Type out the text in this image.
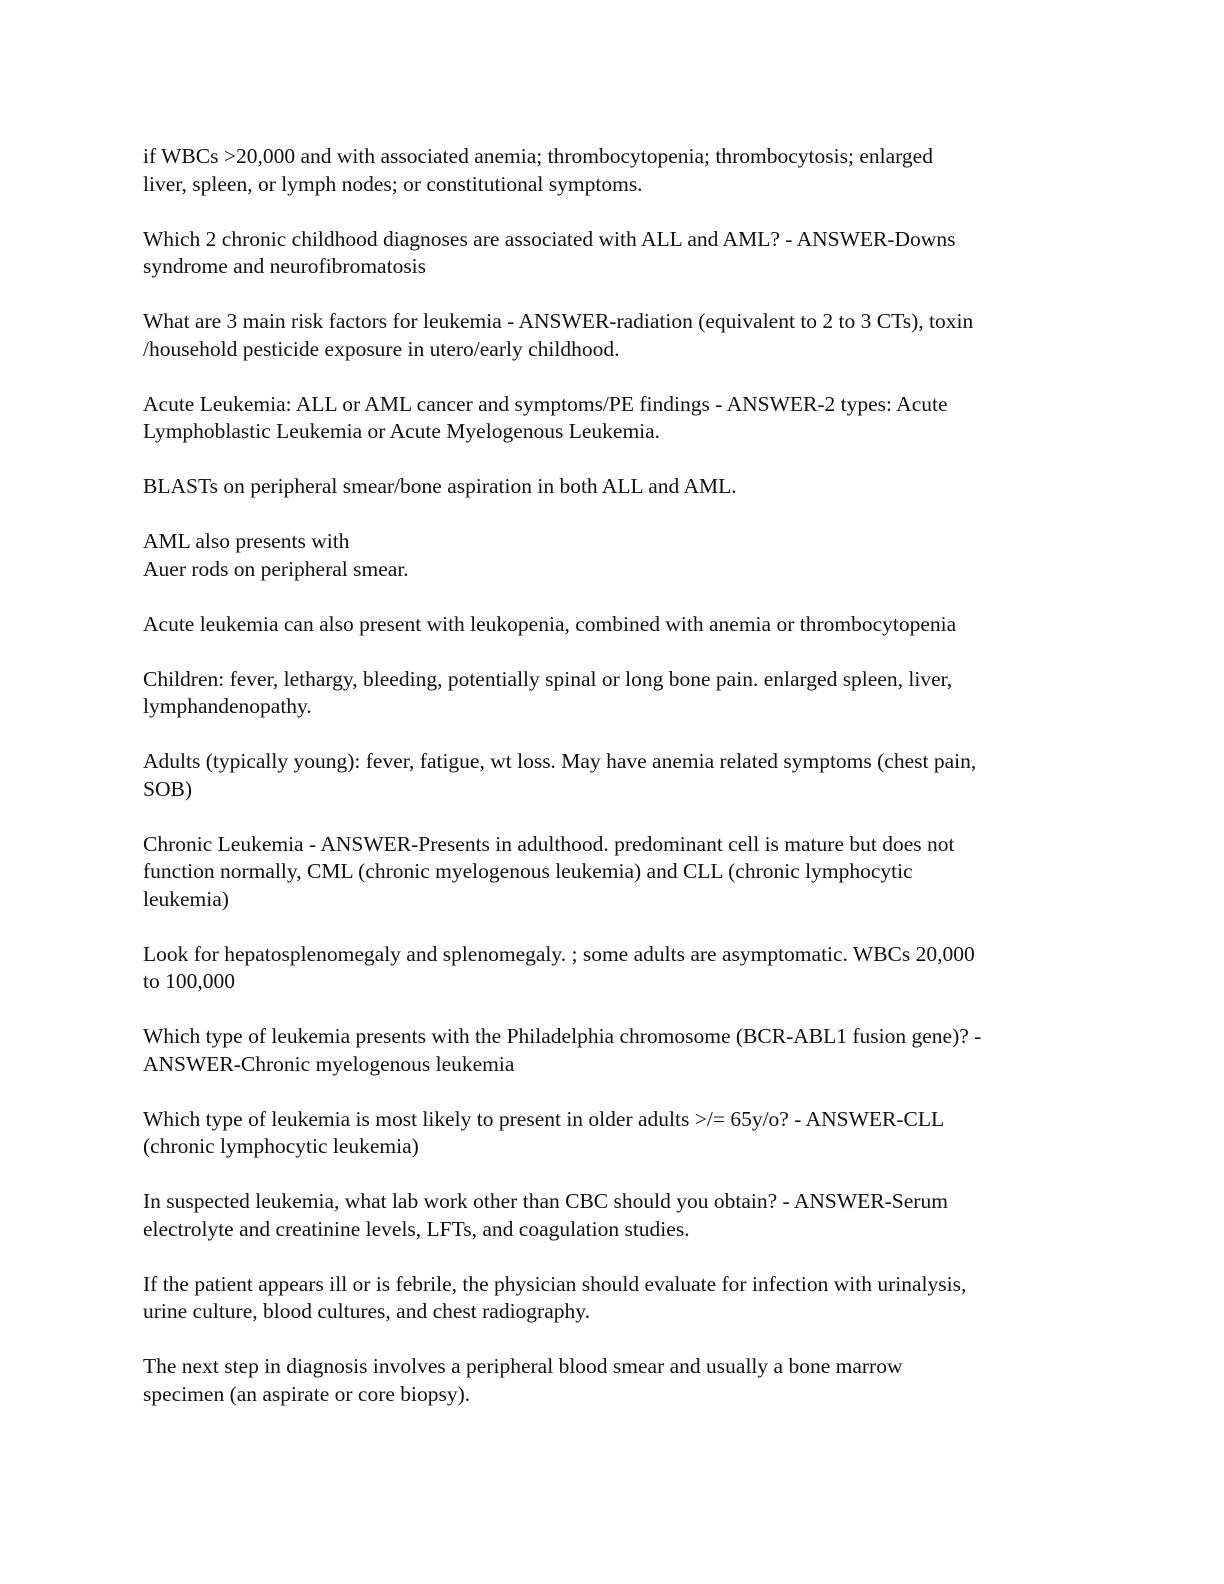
if WBCs >20,000 and with associated anemia; thrombocytopenia; thrombocytosis; enlarged
liver, spleen, or lymph nodes; or constitutional symptoms.

Which 2 chronic childhood diagnoses are associated with ALL and AML? - ANSWER-Downs
syndrome and neurofibromatosis

What are 3 main risk factors for leukemia - ANSWER-radiation (equivalent to 2 to 3 CTs), toxin
/household pesticide exposure in utero/early childhood.

Acute Leukemia: ALL or AML cancer and symptoms/PE findings - ANSWER-2 types: Acute
Lymphoblastic Leukemia or Acute Myelogenous Leukemia.

BLASTs on peripheral smear/bone aspiration in both ALL and AML.

AML also presents with
Auer rods on peripheral smear.

Acute leukemia can also present with leukopenia, combined with anemia or thrombocytopenia

Children: fever, lethargy, bleeding, potentially spinal or long bone pain. enlarged spleen, liver,
lymphandenopathy.

Adults (typically young): fever, fatigue, wt loss. May have anemia related symptoms (chest pain,
SOB)

Chronic Leukemia - ANSWER-Presents in adulthood. predominant cell is mature but does not
function normally, CML (chronic myelogenous leukemia) and CLL (chronic lymphocytic
leukemia)

Look for hepatosplenomegaly and splenomegaly. ; some adults are asymptomatic. WBCs 20,000
to 100,000

Which type of leukemia presents with the Philadelphia chromosome (BCR-ABL1 fusion gene)? -
ANSWER-Chronic myelogenous leukemia

Which type of leukemia is most likely to present in older adults >/= 65y/o? - ANSWER-CLL
(chronic lymphocytic leukemia)

In suspected leukemia, what lab work other than CBC should you obtain? - ANSWER-Serum
electrolyte and creatinine levels, LFTs, and coagulation studies.

If the patient appears ill or is febrile, the physician should evaluate for infection with urinalysis,
urine culture, blood cultures, and chest radiography.

The next step in diagnosis involves a peripheral blood smear and usually a bone marrow
specimen (an aspirate or core biopsy).
